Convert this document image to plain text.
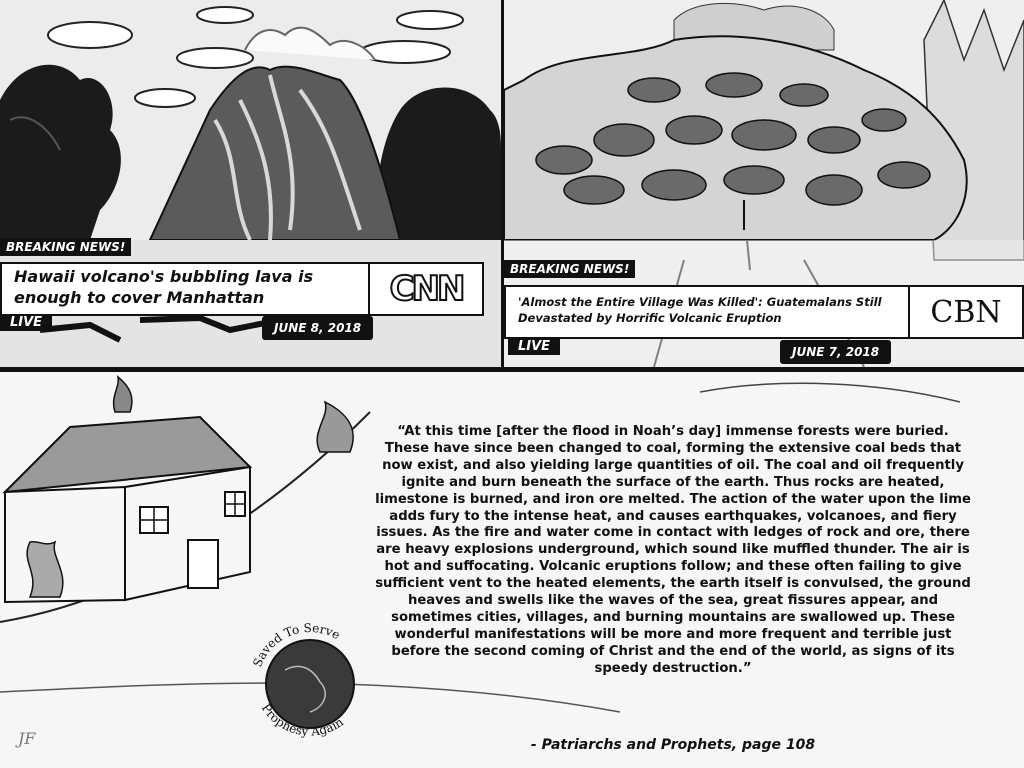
BREAKING NEWS!
Hawaii volcano's bubbling lava is enough to cover Manhattan	CNN
LIVE	JUNE 8, 2018
BREAKING NEWS!
'Almost the Entire Village Was Killed': Guatemalans Still Devastated by Horrific Volcanic Eruption	CBN
LIVE	JUNE 7, 2018
Saved To Serve
Prophesy Again
JF
“At this time [after the flood in Noah’s day] immense forests were buried. These have since been changed to coal, forming the extensive coal beds that now exist, and also yielding large quantities of oil. The coal and oil frequently ignite and burn beneath the surface of the earth. Thus rocks are heated, limestone is burned, and iron ore melted. The action of the water upon the lime adds fury to the intense heat, and causes earthquakes, volcanoes, and fiery issues. As the fire and water come in contact with ledges of rock and ore, there are heavy explosions underground, which sound like muffled thunder. The air is hot and suffocating. Volcanic eruptions follow; and these often failing to give sufficient vent to the heated elements, the earth itself is convulsed, the ground heaves and swells like the waves of the sea, great fissures appear, and sometimes cities, villages, and burning mountains are swallowed up. These wonderful manifestations will be more and more frequent and terrible just before the second coming of Christ and the end of the world, as signs of its speedy destruction.”
- Patriarchs and Prophets, page 108
